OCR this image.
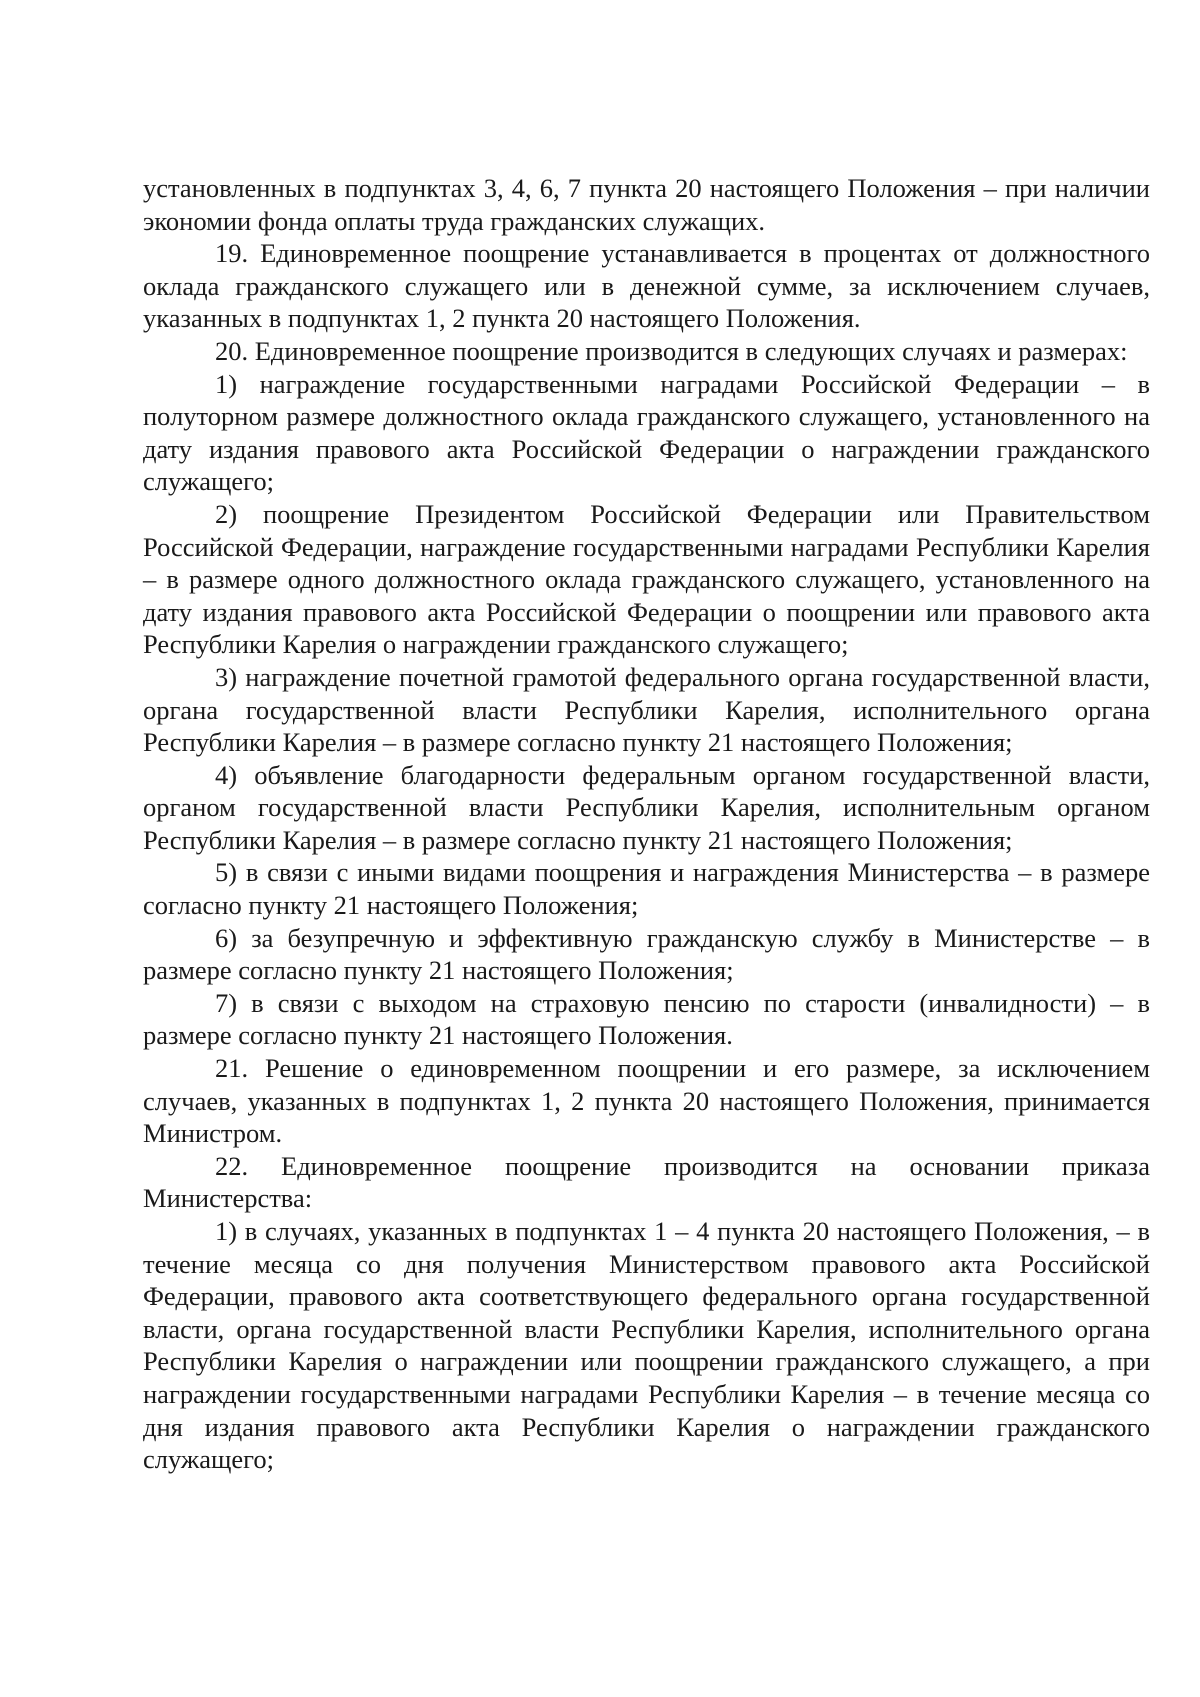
установленных в подпунктах 3, 4, 6, 7 пункта 20 настоящего Положения – при наличии экономии фонда оплаты труда гражданских служащих.

19. Единовременное поощрение устанавливается в процентах от должностного оклада гражданского служащего или в денежной сумме, за исключением случаев, указанных в подпунктах 1, 2 пункта 20 настоящего Положения.

20. Единовременное поощрение производится в следующих случаях и размерах:

1) награждение государственными наградами Российской Федерации – в полуторном размере должностного оклада гражданского служащего, установленного на дату издания правового акта Российской Федерации о награждении гражданского служащего;

2) поощрение Президентом Российской Федерации или Правительством Российской Федерации, награждение государственными наградами Республики Карелия – в размере одного должностного оклада гражданского служащего, установленного на дату издания правового акта Российской Федерации о поощрении или правового акта Республики Карелия о награждении гражданского служащего;

3) награждение почетной грамотой федерального органа государственной власти, органа государственной власти Республики Карелия, исполнительного органа Республики Карелия – в размере согласно пункту 21 настоящего Положения;

4) объявление благодарности федеральным органом государственной власти, органом государственной власти Республики Карелия, исполнительным органом Республики Карелия – в размере согласно пункту 21 настоящего Положения;

5) в связи с иными видами поощрения и награждения Министерства – в размере согласно пункту 21 настоящего Положения;

6) за безупречную и эффективную гражданскую службу в Министерстве – в размере согласно пункту 21 настоящего Положения;

7) в связи с выходом на страховую пенсию по старости (инвалидности) – в размере согласно пункту 21 настоящего Положения.

21. Решение о единовременном поощрении и его размере, за исключением случаев, указанных в подпунктах 1, 2 пункта 20 настоящего Положения, принимается Министром.

22. Единовременное поощрение производится на основании приказа Министерства:

1) в случаях, указанных в подпунктах 1 – 4 пункта 20 настоящего Положения, – в течение месяца со дня получения Министерством правового акта Российской Федерации, правового акта соответствующего федерального органа государственной власти, органа государственной власти Республики Карелия, исполнительного органа Республики Карелия о награждении или поощрении гражданского служащего, а при награждении государственными наградами Республики Карелия – в течение месяца со дня издания правового акта Республики Карелия о награждении гражданского служащего;
